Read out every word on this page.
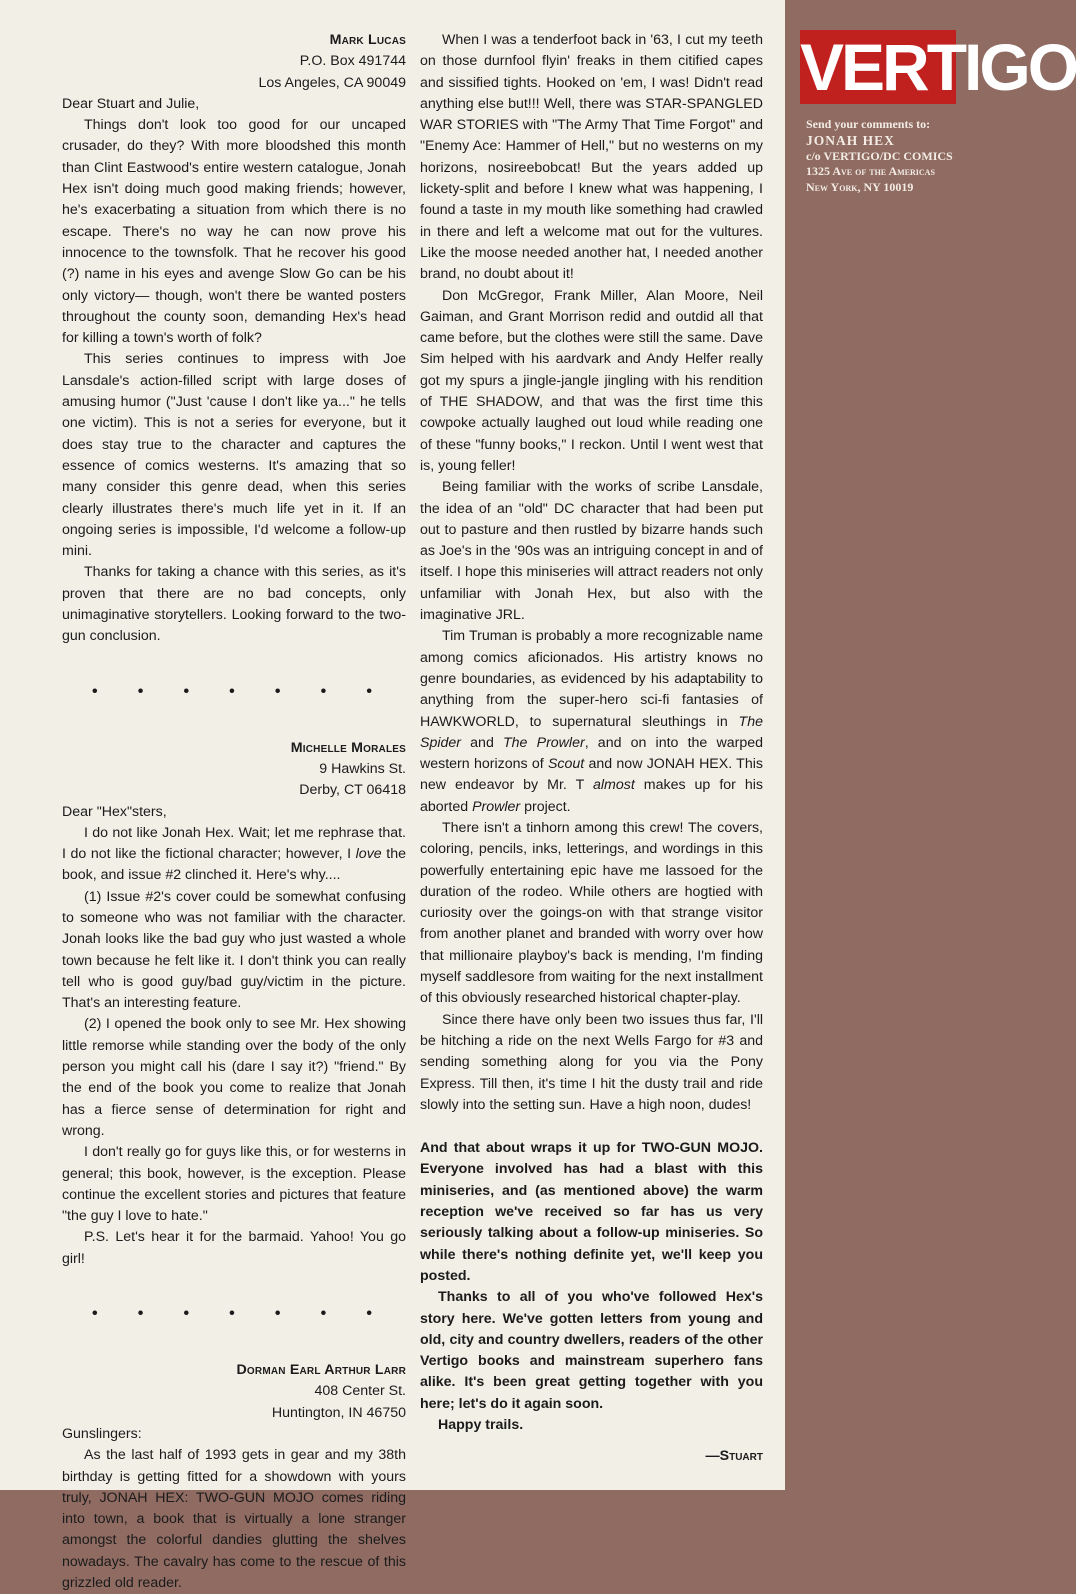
Mark Lucas
P.O. Box 491744
Los Angeles, CA 90049

Dear Stuart and Julie,

Things don't look too good for our uncaped crusader, do they? With more bloodshed this month than Clint Eastwood's entire western catalogue, Jonah Hex isn't doing much good making friends; however, he's exacerbating a situation from which there is no escape. There's no way he can now prove his innocence to the townsfolk. That he recover his good (?) name in his eyes and avenge Slow Go can be his only victory— though, won't there be wanted posters throughout the county soon, demanding Hex's head for killing a town's worth of folk?

This series continues to impress with Joe Lansdale's action-filled script with large doses of amusing humor ("Just 'cause I don't like ya..." he tells one victim). This is not a series for everyone, but it does stay true to the character and captures the essence of comics westerns. It's amazing that so many consider this genre dead, when this series clearly illustrates there's much life yet in it. If an ongoing series is impossible, I'd welcome a follow-up mini.

Thanks for taking a chance with this series, as it's proven that there are no bad concepts, only unimaginative storytellers. Looking forward to the two-gun conclusion.

•	•	•	•	•	•	•
Michelle Morales
9 Hawkins St.
Derby, CT 06418

Dear "Hex"sters,

I do not like Jonah Hex. Wait; let me rephrase that. I do not like the fictional character; however, I love the book, and issue #2 clinched it. Here's why....

(1) Issue #2's cover could be somewhat confusing to someone who was not familiar with the character. Jonah looks like the bad guy who just wasted a whole town because he felt like it. I don't think you can really tell who is good guy/bad guy/victim in the picture. That's an interesting feature.

(2) I opened the book only to see Mr. Hex showing little remorse while standing over the body of the only person you might call his (dare I say it?) "friend." By the end of the book you come to realize that Jonah has a fierce sense of determination for right and wrong.

I don't really go for guys like this, or for westerns in general; this book, however, is the exception. Please continue the excellent stories and pictures that feature "the guy I love to hate."

P.S. Let's hear it for the barmaid. Yahoo! You go girl!

•	•	•	•	•	•	•
Dorman Earl Arthur Larr
408 Center St.
Huntington, IN 46750

Gunslingers:

As the last half of 1993 gets in gear and my 38th birthday is getting fitted for a showdown with yours truly, JONAH HEX: TWO-GUN MOJO comes riding into town, a book that is virtually a lone stranger amongst the colorful dandies glutting the shelves nowadays. The cavalry has come to the rescue of this grizzled old reader.

When I was a tenderfoot back in '63, I cut my teeth on those durnfool flyin' freaks in them citified capes and sissified tights. Hooked on 'em, I was! Didn't read anything else but!!! Well, there was STAR-SPANGLED WAR STORIES with "The Army That Time Forgot" and "Enemy Ace: Hammer of Hell," but no westerns on my horizons, nosireebobcat! But the years added up lickety-split and before I knew what was happening, I found a taste in my mouth like something had crawled in there and left a welcome mat out for the vultures. Like the moose needed another hat, I needed another brand, no doubt about it!

Don McGregor, Frank Miller, Alan Moore, Neil Gaiman, and Grant Morrison redid and outdid all that came before, but the clothes were still the same. Dave Sim helped with his aardvark and Andy Helfer really got my spurs a jingle-jangle jingling with his rendition of THE SHADOW, and that was the first time this cowpoke actually laughed out loud while reading one of these "funny books," I reckon. Until I went west that is, young feller!

Being familiar with the works of scribe Lansdale, the idea of an "old" DC character that had been put out to pasture and then rustled by bizarre hands such as Joe's in the '90s was an intriguing concept in and of itself. I hope this miniseries will attract readers not only unfamiliar with Jonah Hex, but also with the imaginative JRL.

Tim Truman is probably a more recognizable name among comics aficionados. His artistry knows no genre boundaries, as evidenced by his adaptability to anything from the super-hero sci-fi fantasies of HAWKWORLD, to supernatural sleuthings in The Spider and The Prowler, and on into the warped western horizons of Scout and now JONAH HEX. This new endeavor by Mr. T almost makes up for his aborted Prowler project.

There isn't a tinhorn among this crew! The covers, coloring, pencils, inks, letterings, and wordings in this powerfully entertaining epic have me lassoed for the duration of the rodeo. While others are hogtied with curiosity over the goings-on with that strange visitor from another planet and branded with worry over how that millionaire playboy's back is mending, I'm finding myself saddlesore from waiting for the next installment of this obviously researched historical chapter-play.

Since there have only been two issues thus far, I'll be hitching a ride on the next Wells Fargo for #3 and sending something along for you via the Pony Express. Till then, it's time I hit the dusty trail and ride slowly into the setting sun. Have a high noon, dudes!

And that about wraps it up for TWO-GUN MOJO. Everyone involved has had a blast with this miniseries, and (as mentioned above) the warm reception we've received so far has us very seriously talking about a follow-up miniseries. So while there's nothing definite yet, we'll keep you posted.

Thanks to all of you who've followed Hex's story here. We've gotten letters from young and old, city and country dwellers, readers of the other Vertigo books and mainstream superhero fans alike. It's been great getting together with you here; let's do it again soon.

Happy trails.

—Stuart
VERTIGO
Send your comments to:
JONAH HEX
c/o VERTIGO/DC COMICS
1325 Ave of the Americas
New York, NY 10019
